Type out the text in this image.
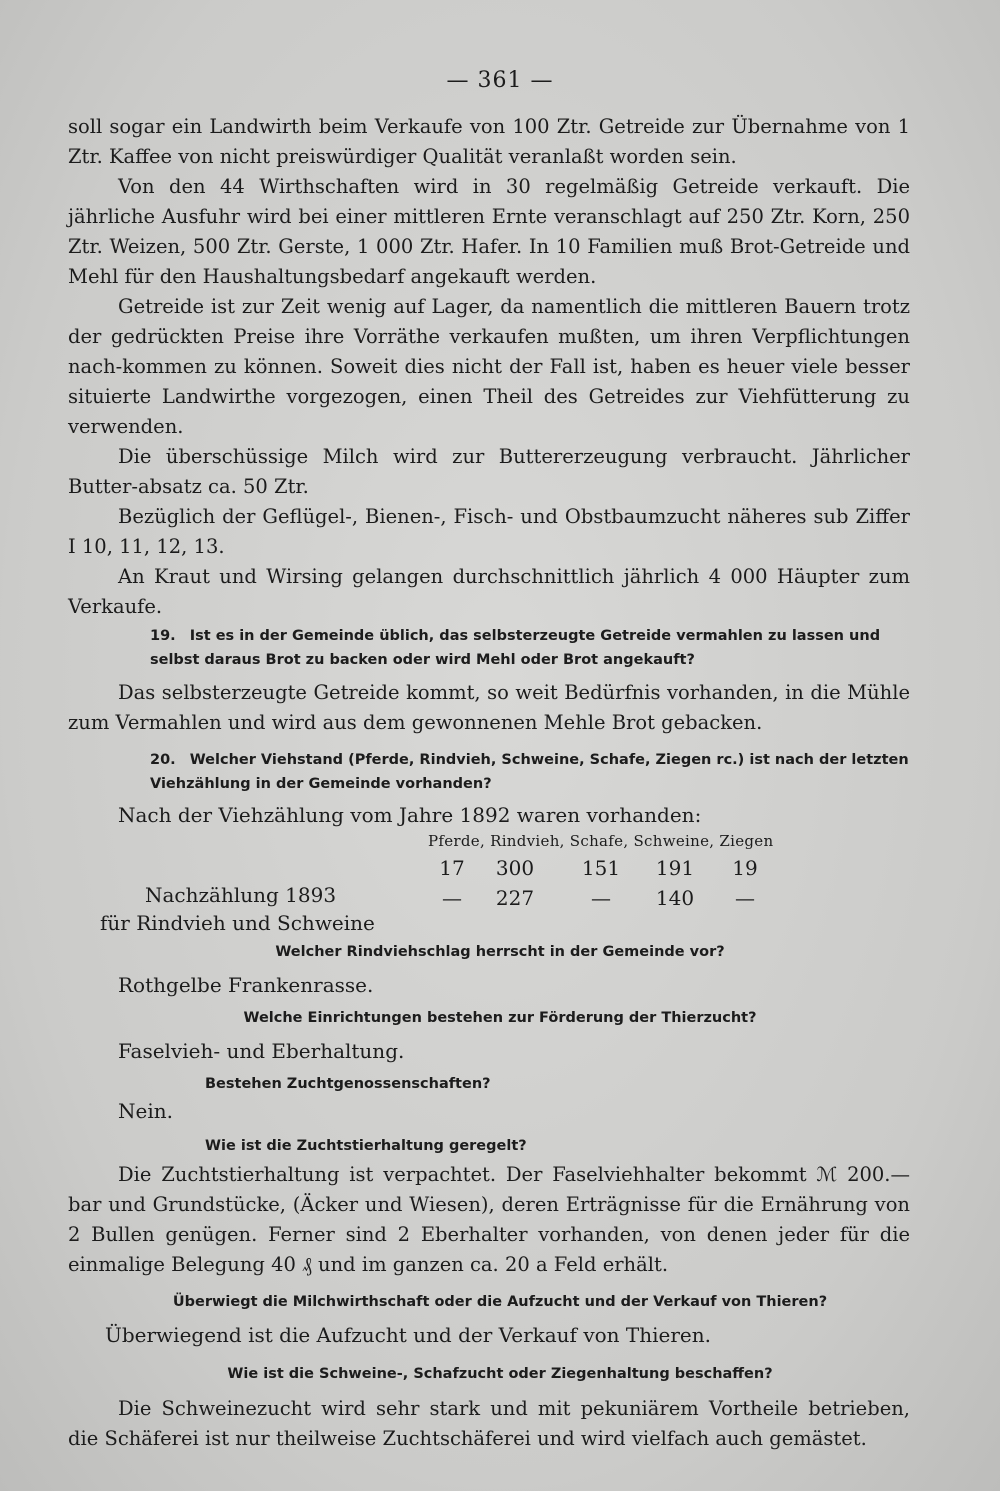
— 361 —

soll sogar ein Landwirth beim Verkaufe von 100 Ztr. Getreide zur Übernahme von 1 Ztr. Kaffee von nicht preiswürdiger Qualität veranlaßt worden sein.

Von den 44 Wirthschaften wird in 30 regelmäßig Getreide verkauft. Die jährliche Ausfuhr wird bei einer mittleren Ernte veranschlagt auf 250 Ztr. Korn, 250 Ztr. Weizen, 500 Ztr. Gerste, 1 000 Ztr. Hafer. In 10 Familien muß Brot-Getreide und Mehl für den Haushaltungsbedarf angekauft werden.

Getreide ist zur Zeit wenig auf Lager, da namentlich die mittleren Bauern trotz der gedrückten Preise ihre Vorräthe verkaufen mußten, um ihren Verpflichtungen nach-kommen zu können. Soweit dies nicht der Fall ist, haben es heuer viele besser situierte Landwirthe vorgezogen, einen Theil des Getreides zur Viehfütterung zu verwenden.

Die überschüssige Milch wird zur Buttererzeugung verbraucht. Jährlicher Butter-absatz ca. 50 Ztr.

Bezüglich der Geflügel-, Bienen-, Fisch- und Obstbaumzucht näheres sub Ziffer I 10, 11, 12, 13.

An Kraut und Wirsing gelangen durchschnittlich jährlich 4 000 Häupter zum Verkaufe.

19. Ist es in der Gemeinde üblich, das selbsterzeugte Getreide vermahlen zu lassen und selbst daraus Brot zu backen oder wird Mehl oder Brot angekauft?

Das selbsterzeugte Getreide kommt, so weit Bedürfnis vorhanden, in die Mühle zum Vermahlen und wird aus dem gewonnenen Mehle Brot gebacken.

20. Welcher Viehstand (Pferde, Rindvieh, Schweine, Schafe, Ziegen rc.) ist nach der letzten Viehzählung in der Gemeinde vorhanden?
Nach der Viehzählung vom Jahre 1892 waren vorhanden:
Pferde, Rindvieh, Schafe, Schweine, Ziegen
17	300	151	191	19
Nachzählung 1893
für Rindvieh und Schweine
—	227	—	140	—
Welcher Rindviehschlag herrscht in der Gemeinde vor?
Rothgelbe Frankenrasse.
Welche Einrichtungen bestehen zur Förderung der Thierzucht?
Faselvieh- und Eberhaltung.
Bestehen Zuchtgenossenschaften?
Nein.
Wie ist die Zuchtstierhaltung geregelt?

Die Zuchtstierhaltung ist verpachtet. Der Faselviehhalter bekommt ℳ 200.— bar und Grundstücke, (Äcker und Wiesen), deren Erträgnisse für die Ernährung von 2 Bullen genügen. Ferner sind 2 Eberhalter vorhanden, von denen jeder für die einmalige Belegung 40 ₰ und im ganzen ca. 20 a Feld erhält.

Überwiegt die Milchwirthschaft oder die Aufzucht und der Verkauf von Thieren?
Überwiegend ist die Aufzucht und der Verkauf von Thieren.
Wie ist die Schweine-, Schafzucht oder Ziegenhaltung beschaffen?

Die Schweinezucht wird sehr stark und mit pekuniärem Vortheile betrieben, die Schäferei ist nur theilweise Zuchtschäferei und wird vielfach auch gemästet.
